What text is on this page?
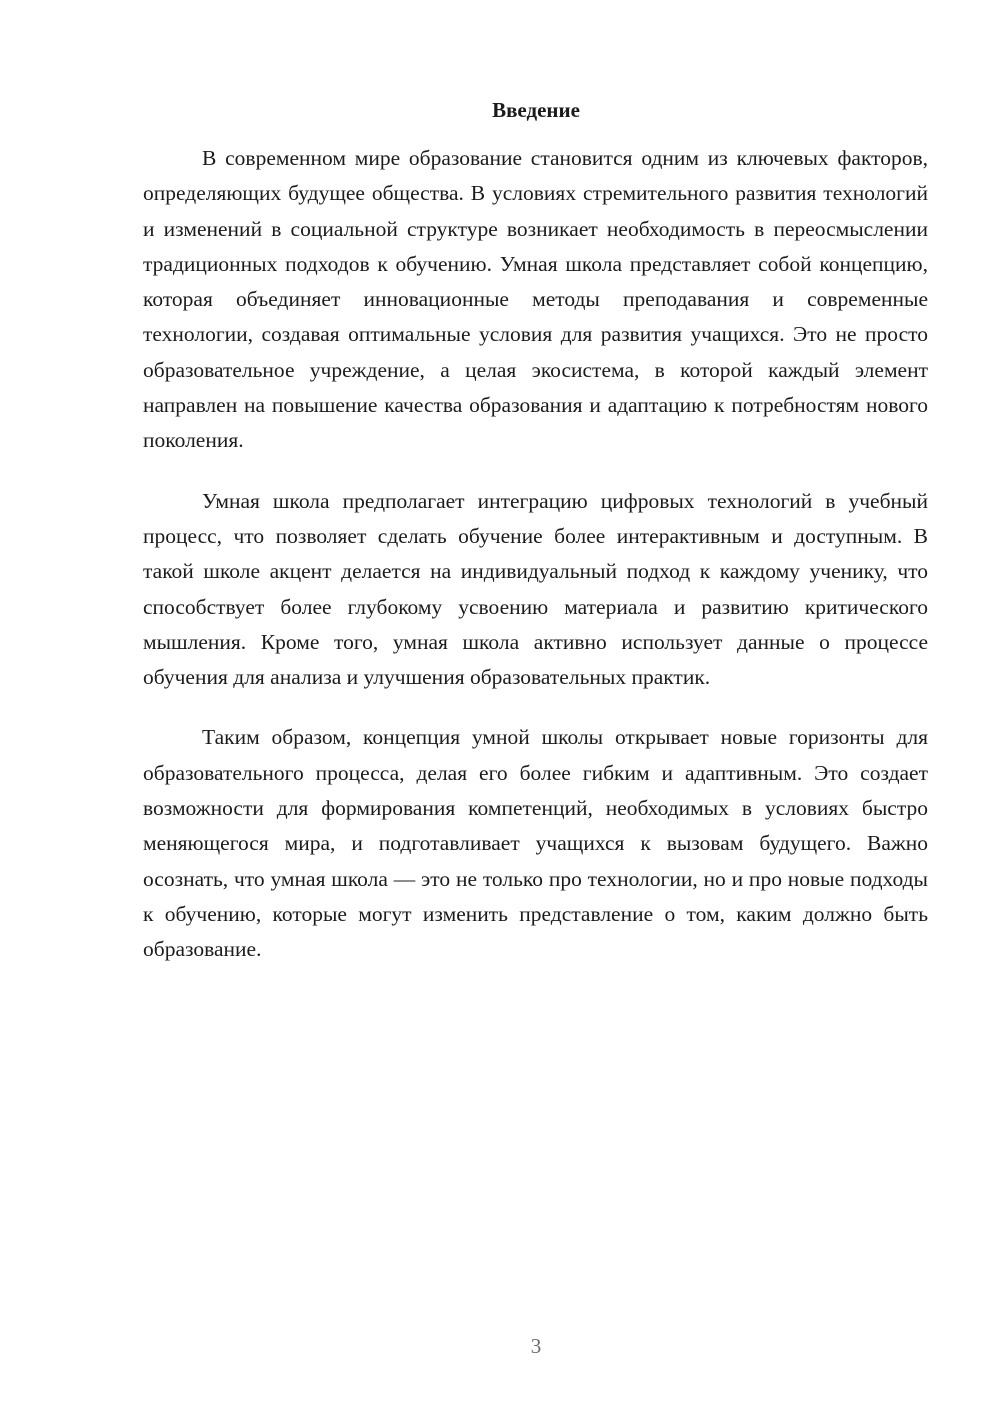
Введение

В современном мире образование становится одним из ключевых факторов, определяющих будущее общества. В условиях стремительного развития технологий и изменений в социальной структуре возникает необходимость в переосмыслении традиционных подходов к обучению. Умная школа представляет собой концепцию, которая объединяет инновационные методы преподавания и современные технологии, создавая оптимальные условия для развития учащихся. Это не просто образовательное учреждение, а целая экосистема, в которой каждый элемент направлен на повышение качества образования и адаптацию к потребностям нового поколения.

Умная школа предполагает интеграцию цифровых технологий в учебный процесс, что позволяет сделать обучение более интерактивным и доступным. В такой школе акцент делается на индивидуальный подход к каждому ученику, что способствует более глубокому усвоению материала и развитию критического мышления. Кроме того, умная школа активно использует данные о процессе обучения для анализа и улучшения образовательных практик.

Таким образом, концепция умной школы открывает новые горизонты для образовательного процесса, делая его более гибким и адаптивным. Это создает возможности для формирования компетенций, необходимых в условиях быстро меняющегося мира, и подготавливает учащихся к вызовам будущего. Важно осознать, что умная школа — это не только про технологии, но и про новые подходы к обучению, которые могут изменить представление о том, каким должно быть образование.

3
